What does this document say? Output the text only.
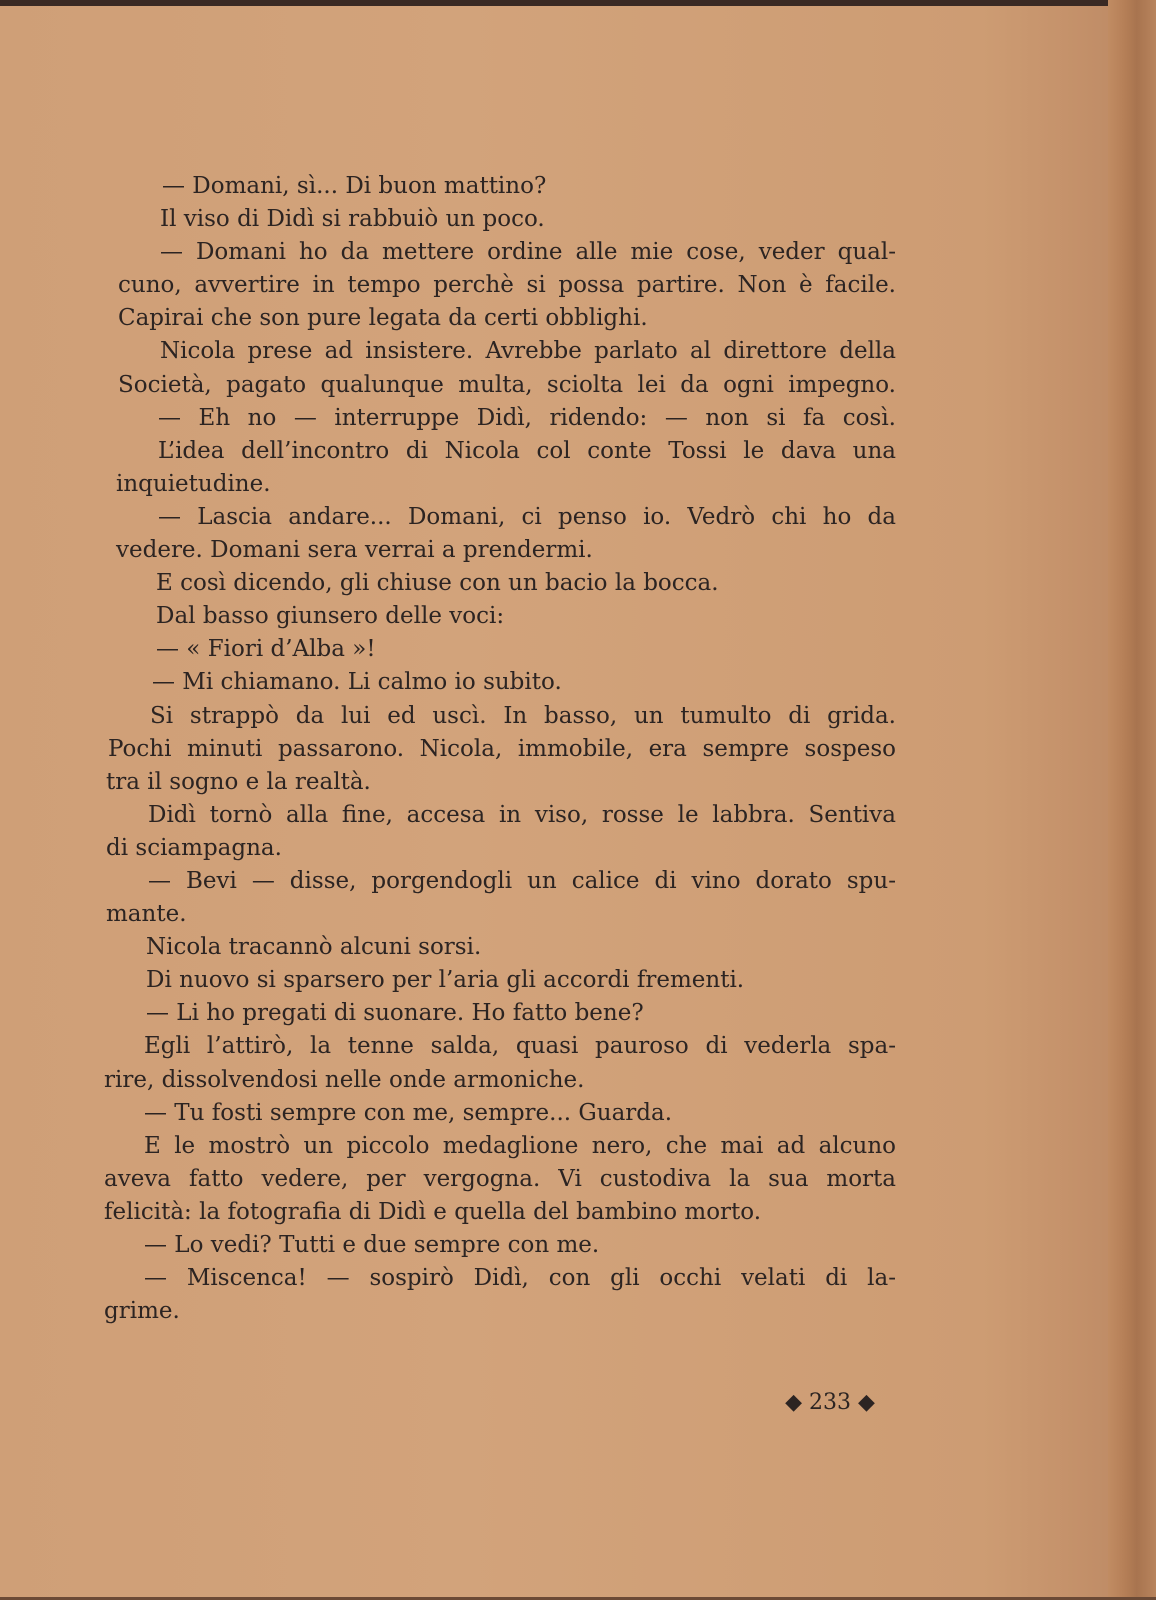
— Domani, sì... Di buon mattino?
Il viso di Didì si rabbuiò un poco.
— Domani ho da mettere ordine alle mie cose, veder qual-
cuno, avvertire in tempo perchè si possa partire. Non è facile.
Capirai che son pure legata da certi obblighi.
Nicola prese ad insistere. Avrebbe parlato al direttore della
Società, pagato qualunque multa, sciolta lei da ogni impegno.
— Eh no — interruppe Didì, ridendo: — non si fa così.
L’idea dell’incontro di Nicola col conte Tossi le dava una
inquietudine.
— Lascia andare... Domani, ci penso io. Vedrò chi ho da
vedere. Domani sera verrai a prendermi.
E così dicendo, gli chiuse con un bacio la bocca.
Dal basso giunsero delle voci:
— « Fiori d’Alba »!
— Mi chiamano. Li calmo io subito.
Si strappò da lui ed uscì. In basso, un tumulto di grida.
Pochi minuti passarono. Nicola, immobile, era sempre sospeso
tra il sogno e la realtà.
Didì tornò alla fine, accesa in viso, rosse le labbra. Sentiva
di sciampagna.
— Bevi — disse, porgendogli un calice di vino dorato spu-
mante.
Nicola tracannò alcuni sorsi.
Di nuovo si sparsero per l’aria gli accordi frementi.
— Li ho pregati di suonare. Ho fatto bene?
Egli l’attirò, la tenne salda, quasi pauroso di vederla spa-
rire, dissolvendosi nelle onde armoniche.
— Tu fosti sempre con me, sempre... Guarda.
E le mostrò un piccolo medaglione nero, che mai ad alcuno
aveva fatto vedere, per vergogna. Vi custodiva la sua morta
felicità: la fotografia di Didì e quella del bambino morto.
— Lo vedi? Tutti e due sempre con me.
— Miscenca! — sospirò Didì, con gli occhi velati di la-
grime.
◆ 233 ◆
